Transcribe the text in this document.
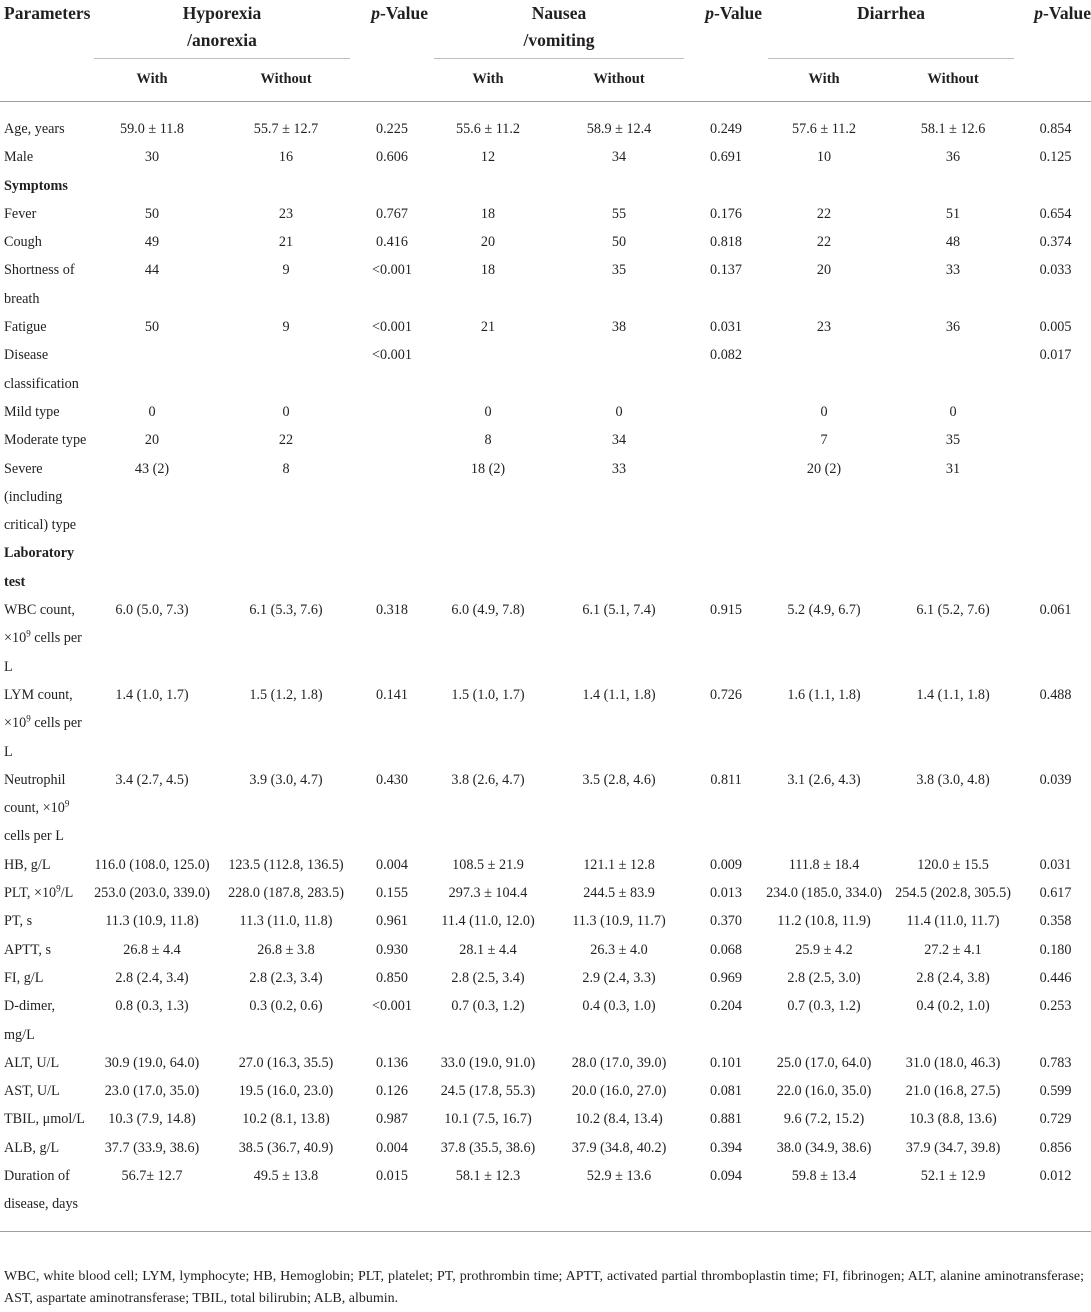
Parameters	Hyporexia
/anorexia		p-Value	Nausea
/vomiting		p-Value	Diarrhea		p-Value
	With	Without		With	Without		With	Without	
Age, years	59.0 ± 11.8	55.7 ± 12.7	0.225	55.6 ± 11.2	58.9 ± 12.4	0.249	57.6 ± 11.2	58.1 ± 12.6	0.854
Male	30	16	0.606	12	34	0.691	10	36	0.125
Symptoms									
Fever	50	23	0.767	18	55	0.176	22	51	0.654
Cough	49	21	0.416	20	50	0.818	22	48	0.374
Shortness of breath	44	9	<0.001	18	35	0.137	20	33	0.033
Fatigue	50	9	<0.001	21	38	0.031	23	36	0.005
Disease classification			<0.001			0.082			0.017
Mild type	0	0		0	0		0	0	
Moderate type	20	22		8	34		7	35	
Severe (including critical) type	43 (2)	8		18 (2)	33		20 (2)	31	
Laboratory test									
WBC count, $\times 10^9$ cells per L	6.0 (5.0, 7.3)	6.1 (5.3, 7.6)	0.318	6.0 (4.9, 7.8)	6.1 (5.1, 7.4)	0.915	5.2 (4.9, 6.7)	6.1 (5.2, 7.6)	0.061
LYM count, $\times 10^9$ cells per L	1.4 (1.0, 1.7)	1.5 (1.2, 1.8)	0.141	1.5 (1.0, 1.7)	1.4 (1.1, 1.8)	0.726	1.6 (1.1, 1.8)	1.4 (1.1, 1.8)	0.488
Neutrophil count, $\times 10^9$ cells per L	3.4 (2.7, 4.5)	3.9 (3.0, 4.7)	0.430	3.8 (2.6, 4.7)	3.5 (2.8, 4.6)	0.811	3.1 (2.6, 4.3)	3.8 (3.0, 4.8)	0.039
HB, g/L	116.0 (108.0, 125.0)	123.5 (112.8, 136.5)	0.004	108.5 ± 21.9	121.1 ± 12.8	0.009	111.8 ± 18.4	120.0 ± 15.5	0.031
PLT, $\times 10^9/L$	253.0 (203.0, 339.0)	228.0 (187.8, 283.5)	0.155	297.3 ± 104.4	244.5 ± 83.9	0.013	234.0 (185.0, 334.0)	254.5 (202.8, 305.5)	0.617
PT, s	11.3 (10.9, 11.8)	11.3 (11.0, 11.8)	0.961	11.4 (11.0, 12.0)	11.3 (10.9, 11.7)	0.370	11.2 (10.8, 11.9)	11.4 (11.0, 11.7)	0.358
APTT, s	26.8 ± 4.4	26.8 ± 3.8	0.930	28.1 ± 4.4	26.3 ± 4.0	0.068	25.9 ± 4.2	27.2 ± 4.1	0.180
FI, g/L	2.8 (2.4, 3.4)	2.8 (2.3, 3.4)	0.850	2.8 (2.5, 3.4)	2.9 (2.4, 3.3)	0.969	2.8 (2.5, 3.0)	2.8 (2.4, 3.8)	0.446
D-dimer, mg/L	0.8 (0.3, 1.3)	0.3 (0.2, 0.6)	<0.001	0.7 (0.3, 1.2)	0.4 (0.3, 1.0)	0.204	0.7 (0.3, 1.2)	0.4 (0.2, 1.0)	0.253
ALT, U/L	30.9 (19.0, 64.0)	27.0 (16.3, 35.5)	0.136	33.0 (19.0, 91.0)	28.0 (17.0, 39.0)	0.101	25.0 (17.0, 64.0)	31.0 (18.0, 46.3)	0.783
AST, U/L	23.0 (17.0, 35.0)	19.5 (16.0, 23.0)	0.126	24.5 (17.8, 55.3)	20.0 (16.0, 27.0)	0.081	22.0 (16.0, 35.0)	21.0 (16.8, 27.5)	0.599
TBIL, μmol/L	10.3 (7.9, 14.8)	10.2 (8.1, 13.8)	0.987	10.1 (7.5, 16.7)	10.2 (8.4, 13.4)	0.881	9.6 (7.2, 15.2)	10.3 (8.8, 13.6)	0.729
ALB, g/L	37.7 (33.9, 38.6)	38.5 (36.7, 40.9)	0.004	37.8 (35.5, 38.6)	37.9 (34.8, 40.2)	0.394	38.0 (34.9, 38.6)	37.9 (34.7, 39.8)	0.856
Duration of disease, days	56.7± 12.7	49.5 ± 13.8	0.015	58.1 ± 12.3	52.9 ± 13.6	0.094	59.8 ± 13.4	52.1 ± 12.9	0.012
WBC, white blood cell; LYM, lymphocyte; HB, Hemoglobin; PLT, platelet; PT, prothrombin time; APTT, activated partial thromboplastin time; FI, fibrinogen; ALT, alanine aminotransferase; AST, aspartate aminotransferase; TBIL, total bilirubin; ALB, albumin.
